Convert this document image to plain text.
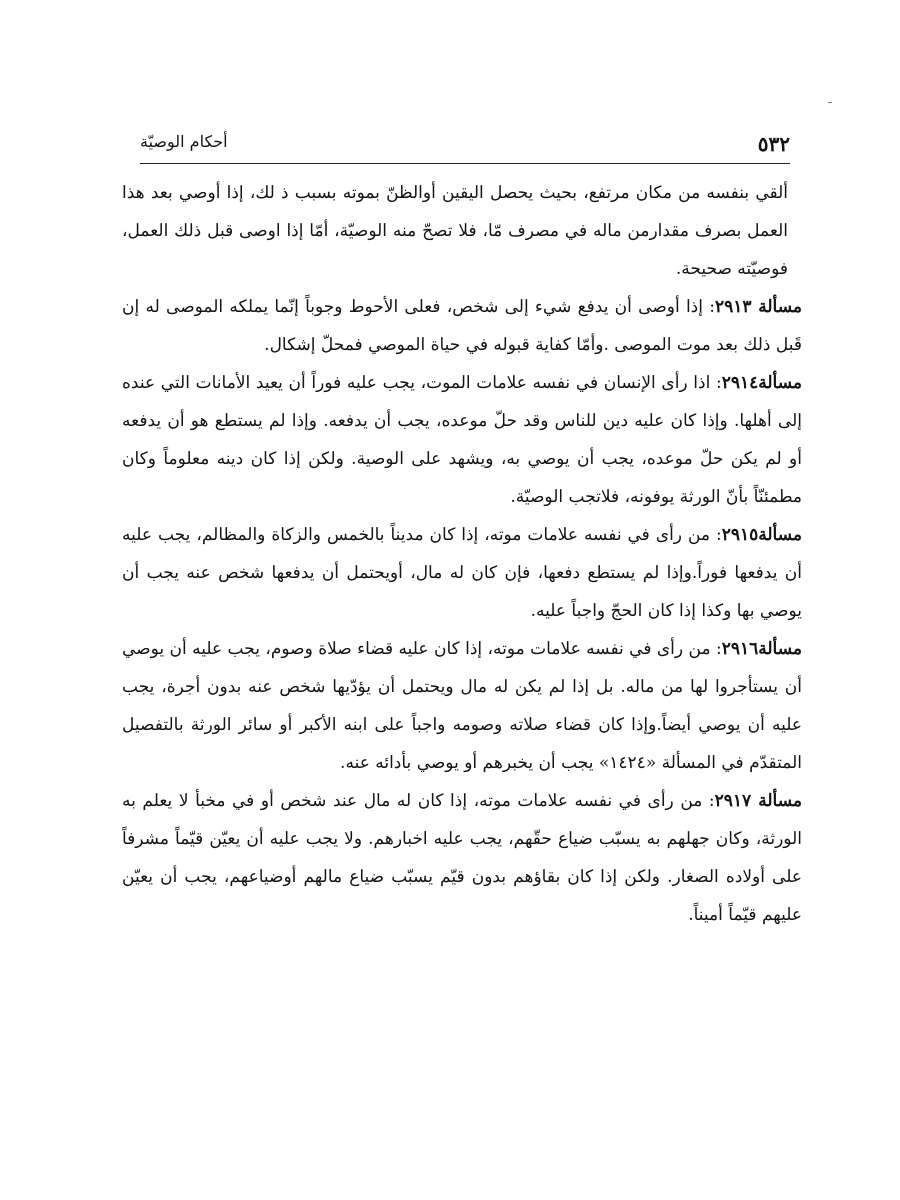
٥٣٢
أحكام الوصيّة

ألقي بنفسه من مكان مرتفع، بحيث يحصل اليقين أوالظنّ بموته بسبب ذ لك، إذا أوصي بعد هذا العمل بصرف مقدارمن ماله في مصرف مّا، فلا تصحّ منه الوصيّة، أمّا إذا اوصى قبل ذلك العمل، فوصيّته صحيحة.

مسألة ٢٩١٣: إذا أوصى أن يدفع شيء إلى شخص، فعلى الأحوط وجوباً إنّما يملكه الموصى له إن قَبل ذلك بعد موت الموصى .وأمّا كفاية قبوله في حياة الموصي فمحلّ إشكال.

مسألة٢٩١٤: اذا رأى الإنسان في نفسه علامات الموت، يجب عليه فوراً أن يعيد الأمانات التي عنده إلى أهلها. وإذا كان عليه دين للناس وقد حلّ موعده، يجب أن يدفعه. وإذا لم يستطع هو أن يدفعه أو لم يكن حلّ موعده، يجب أن يوصي به، ويشهد على الوصية. ولكن إذا كان دينه معلوماً وكان مطمئنّاً بأنّ الورثة يوفونه، فلاتجب الوصيّة.

مسألة٢٩١٥: من رأى في نفسه علامات موته، إذا كان مديناً بالخمس والزكاة والمظالم، يجب عليه أن يدفعها فوراً.وإذا لم يستطع دفعها، فإن كان له مال، أويحتمل أن يدفعها شخص عنه يجب أن يوصي بها وكذا إذا كان الحجّ واجباً عليه.

مسألة٢٩١٦: من رأى في نفسه علامات موته، إذا كان عليه قضاء صلاة وصوم، يجب عليه أن يوصي أن يستأجروا لها من ماله. بل إذا لم يكن له مال ويحتمل أن يؤدّيها شخص عنه بدون أجرة، يجب عليه أن يوصي أيضاً.وإذا كان قضاء صلاته وصومه واجباً على ابنه الأكبر أو سائر الورثة بالتفصيل المتقدّم في المسألة «١٤٢٤» يجب أن يخبرهم أو يوصي بأدائه عنه.

مسألة ٢٩١٧: من رأى في نفسه علامات موته، إذا كان له مال عند شخص أو في مخبأ لا يعلم به الورثة، وكان جهلهم به يسبّب ضياع حقّهم، يجب عليه اخبارهم. ولا يجب عليه أن يعيّن قيّماً مشرفاً على أولاده الصغار. ولكن إذا كان بقاؤهم بدون قيّم يسبّب ضياع مالهم أوضياعهم، يجب أن يعيّن عليهم قيّماً أميناً.
